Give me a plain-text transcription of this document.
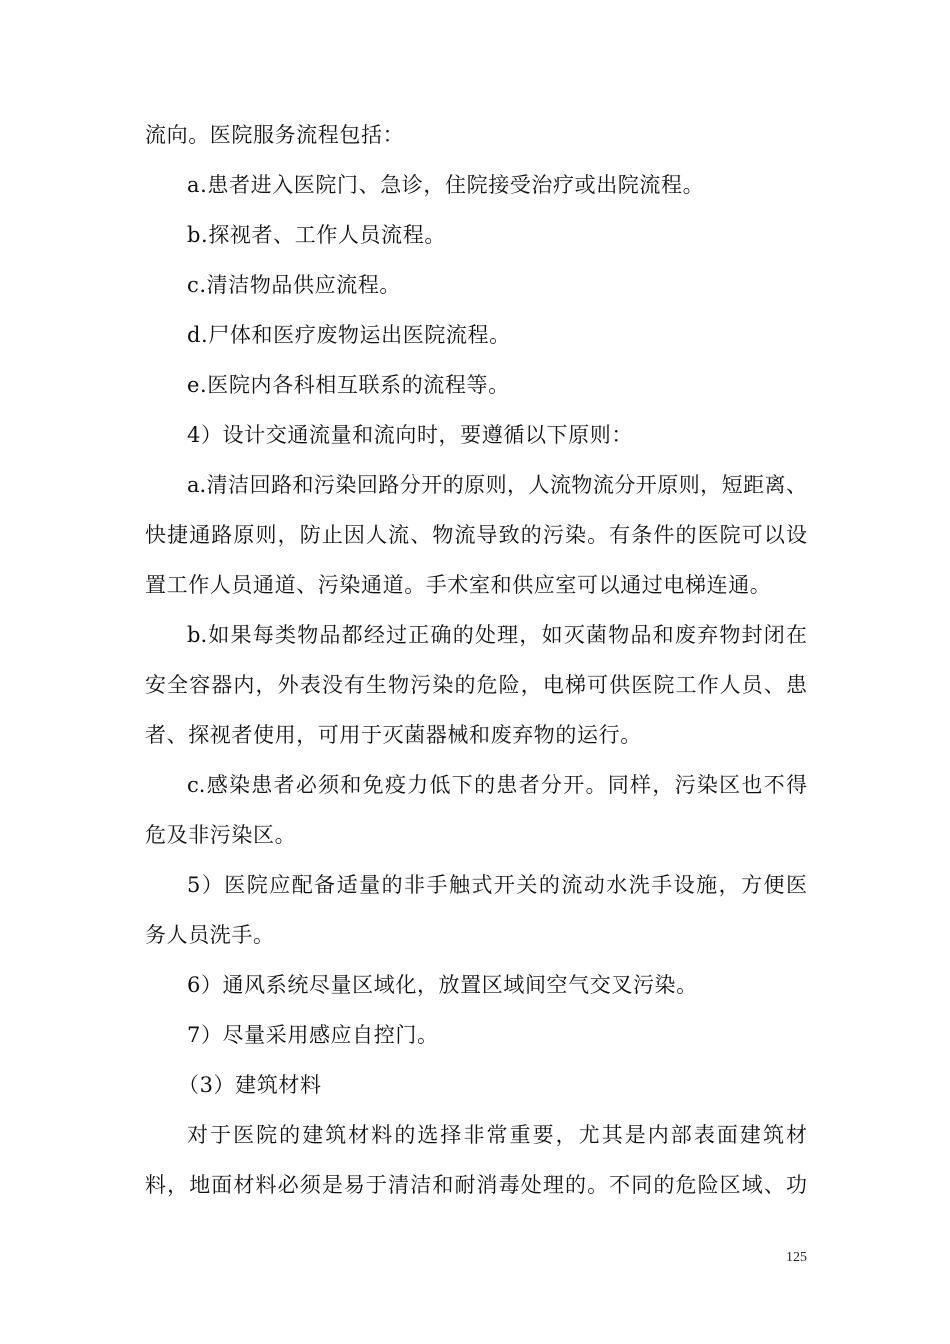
流向。医院服务流程包括：
a.患者进入医院门、急诊，住院接受治疗或出院流程。
b.探视者、工作人员流程。
c.清洁物品供应流程。
d.尸体和医疗废物运出医院流程。
e.医院内各科相互联系的流程等。
4）设计交通流量和流向时，要遵循以下原则：
a.清洁回路和污染回路分开的原则，人流物流分开原则，短距离、
快捷通路原则，防止因人流、物流导致的污染。有条件的医院可以设
置工作人员通道、污染通道。手术室和供应室可以通过电梯连通。
b.如果每类物品都经过正确的处理，如灭菌物品和废弃物封闭在
安全容器内，外表没有生物污染的危险，电梯可供医院工作人员、患
者、探视者使用，可用于灭菌器械和废弃物的运行。
c.感染患者必须和免疫力低下的患者分开。同样，污染区也不得
危及非污染区。
5）医院应配备适量的非手触式开关的流动水洗手设施，方便医
务人员洗手。
6）通风系统尽量区域化，放置区域间空气交叉污染。
7）尽量采用感应自控门。
（3）建筑材料
对于医院的建筑材料的选择非常重要，尤其是内部表面建筑材
料，地面材料必须是易于清洁和耐消毒处理的。不同的危险区域、功
125
